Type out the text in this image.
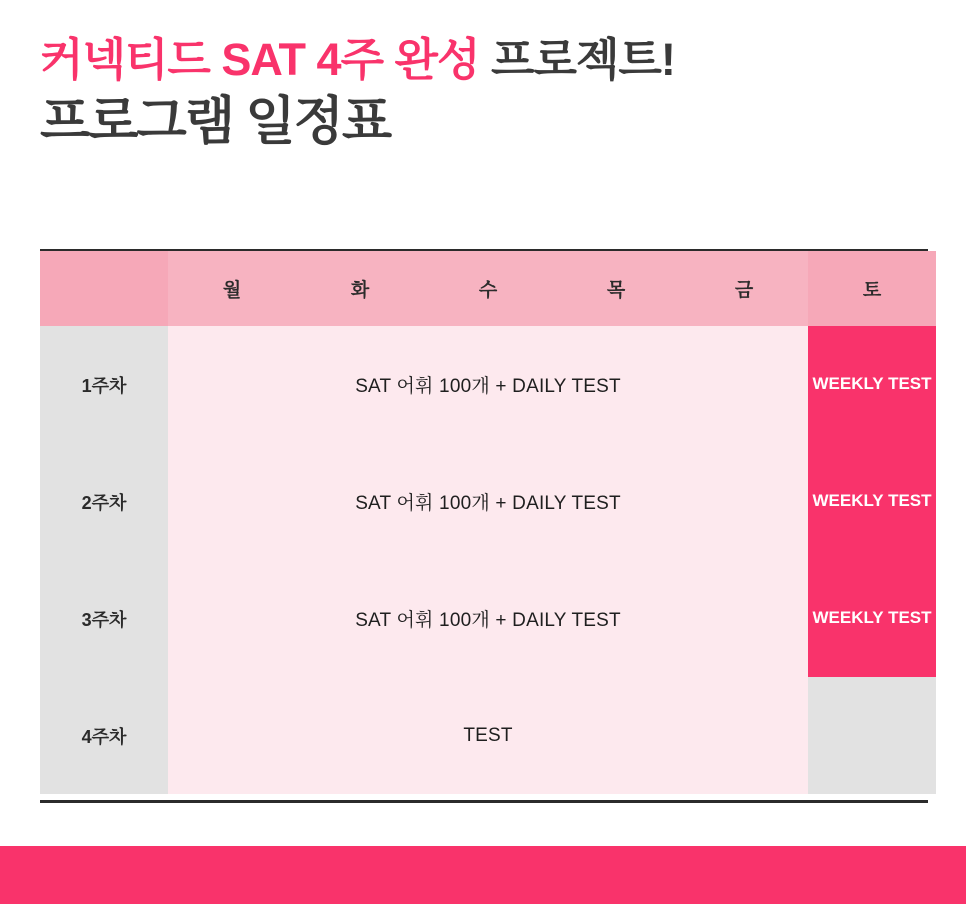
커넥티드 SAT 4주 완성 프로젝트!
프로그램 일정표
	월	화	수	목	금	토
1주차	SAT 어휘 100개 + DAILY TEST					WEEKLY TEST
2주차	SAT 어휘 100개 + DAILY TEST					WEEKLY TEST
3주차	SAT 어휘 100개 + DAILY TEST					WEEKLY TEST
4주차	TEST					
